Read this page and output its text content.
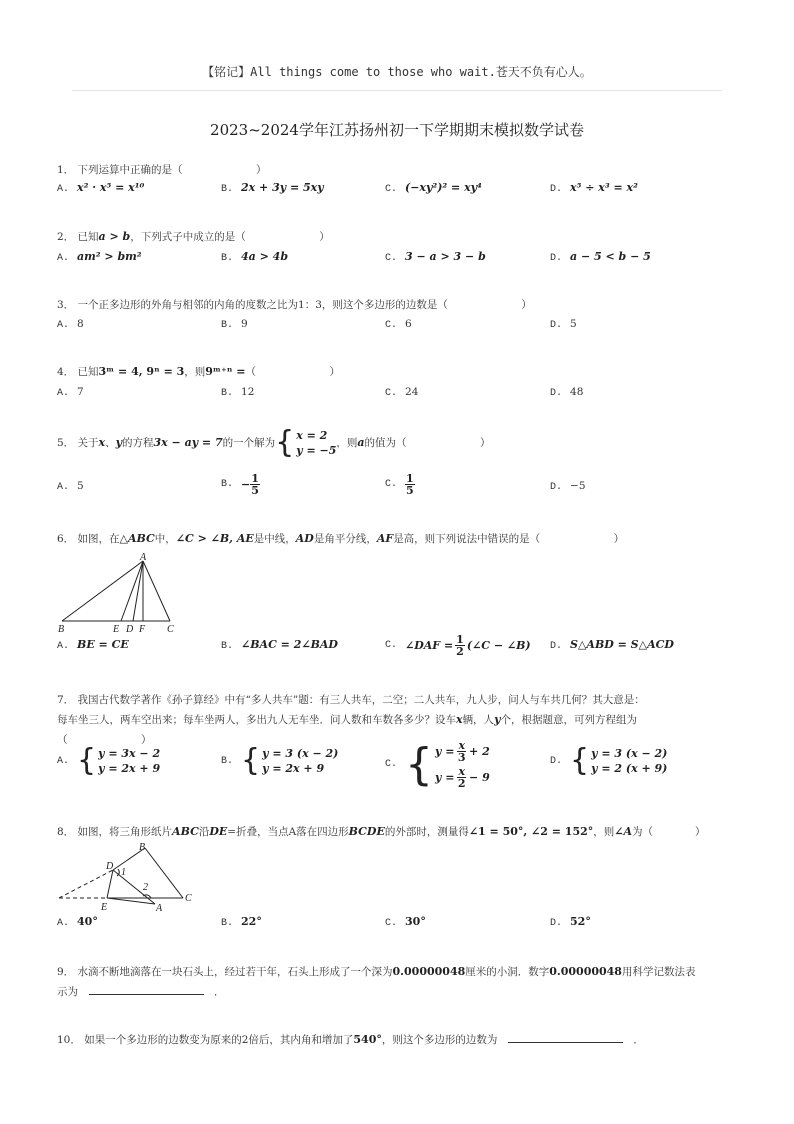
【铭记】All things come to those who wait.苍天不负有心人。
2023~2024学年江苏扬州初一下学期期末模拟数学试卷
1． 下列运算中正确的是（　　　　　　　）
A. x² · x⁵ = x¹⁰	B. 2x + 3y = 5xy	C. (−xy²)² = xy⁴	D. x⁵ ÷ x³ = x²
2． 已知a > b，下列式子中成立的是（　　　　　　　）
A. am² > bm²	B. 4a > 4b	C. 3 − a > 3 − b	D. a − 5 < b − 5
3． 一个正多边形的外角与相邻的内角的度数之比为1：3，则这个多边形的边数是（　　　　　　　）
A. 8	B. 9	C. 6	D. 5
4． 已知3ᵐ = 4, 9ⁿ = 3，则9ᵐ⁺ⁿ =（　　　　　　　）
A. 7	B. 12	C. 24	D. 48
5．
关于 x 、 y 的方程 3x − ay = 7 的一个解为 { x = 2
y = −5
，则 a 的值为（　　　　　　　）
A. 5	B. − $\frac{1}{5}$	C. $\frac{1}{5}$	D. −5
6． 如图，在△ABC中，∠C > ∠B, AE是中线，AD是角平分线，AF是高，则下列说法中错误的是（　　　　　　　）
A
B	E D F C
A. BE = CE	B. ∠BAC = 2∠BAD	C. ∠DAF = $\frac{1}{2}$ (∠C − ∠B) D. S△ABD = S△ACD
7． 我国古代数学著作《孙子算经》中有“多人共车”题：有三人共车，二空；二人共车，九人步，问人与车共几何？其大意是：
每车坐三人，两车空出来；每车坐两人，多出九人无车坐．问人数和车数各多少？设车x辆，人y个，根据题意，可列方程组为
（　　　　　　　）
A. { y = 3x − 2
y = 2x + 9
B. { y = 3 (x − 2)
y = 2x + 9	C. { $y = \frac{x}{3} + 2$
$y = \frac{x}{2} - 9$
D. { y = 3 (x − 2)
y = 2 (x + 9)
8． 如图，将三角形纸片ABC沿DE=折叠，当点A落在四边形BCDE的外部时，测量得∠1 = 50°, ∠2 = 152°，则∠A为（　　　　）
B
D
1
2
C
E	A
A. 40°	B. 22°	C. 30°	D. 52°
9． 水滴不断地滴落在一块石头上，经过若干年，石头上形成了一个深为0.00000048厘米的小洞．数字0.00000048用科学记数法表
示为　　	．
10． 如果一个多边形的边数变为原来的2倍后，其内角和增加了540°，则这个多边形的边数为　　	．
